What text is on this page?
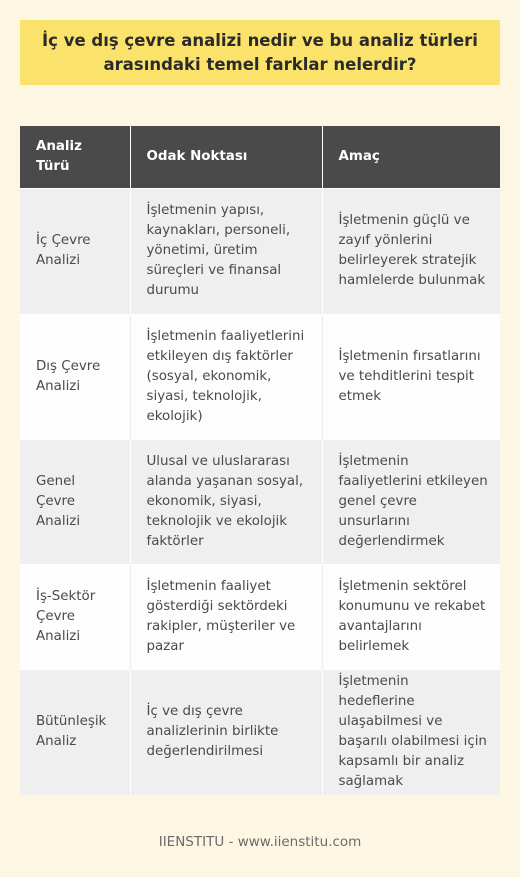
İç ve dış çevre analizi nedir ve bu analiz türleri arasındaki temel farklar nelerdir?
Analiz Türü	Odak Noktası	Amaç
İç Çevre Analizi	İşletmenin yapısı, kaynakları, personeli, yönetimi, üretim süreçleri ve finansal durumu	İşletmenin güçlü ve zayıf yönlerini belirleyerek stratejik hamlelerde bulunmak
Dış Çevre Analizi	İşletmenin faaliyetlerini etkileyen dış faktörler (sosyal, ekonomik, siyasi, teknolojik, ekolojik)	İşletmenin fırsatlarını ve tehditlerini tespit etmek
Genel Çevre Analizi	Ulusal ve uluslararası alanda yaşanan sosyal, ekonomik, siyasi, teknolojik ve ekolojik faktörler	İşletmenin faaliyetlerini etkileyen genel çevre unsurlarını değerlendirmek
İş-Sektör Çevre Analizi	İşletmenin faaliyet gösterdiği sektördeki rakipler, müşteriler ve pazar	İşletmenin sektörel konumunu ve rekabet avantajlarını belirlemek
Bütünleşik Analiz	İç ve dış çevre analizlerinin birlikte değerlendirilmesi	İşletmenin hedeflerine ulaşabilmesi ve başarılı olabilmesi için kapsamlı bir analiz sağlamak
IIENSTITU - www.iienstitu.com
